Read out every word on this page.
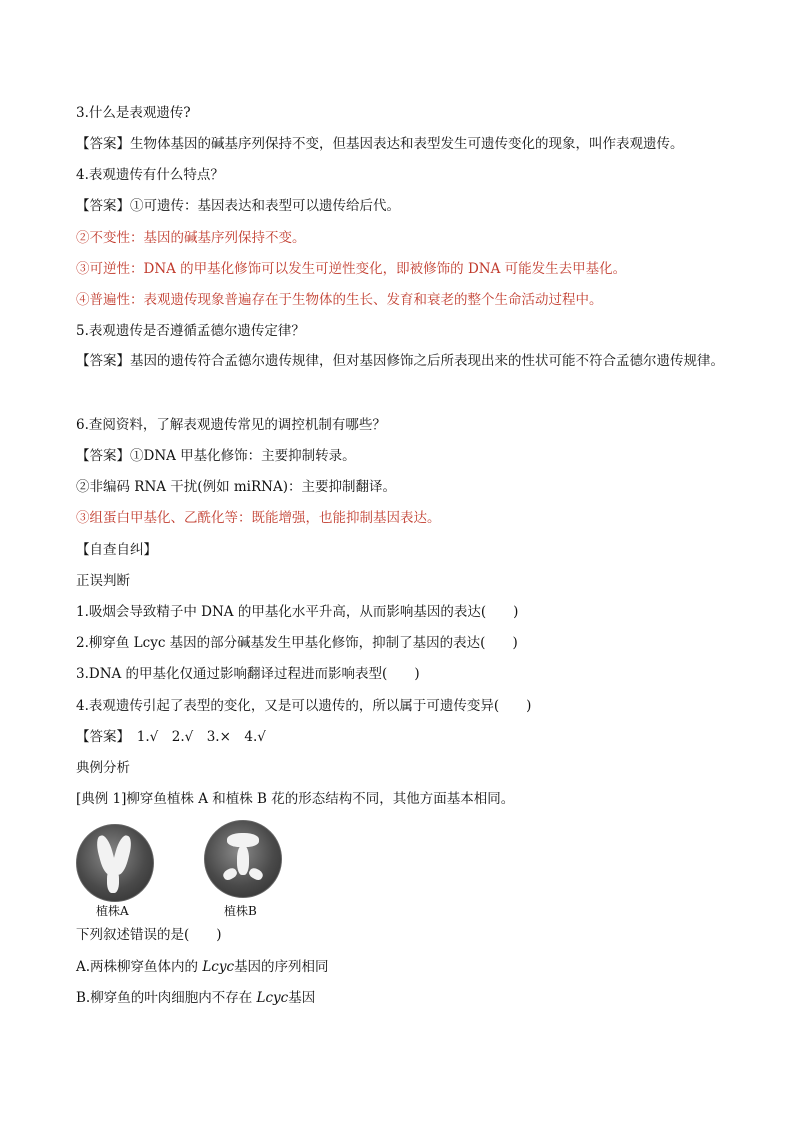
3.什么是表观遗传?
【答案】生物体基因的碱基序列保持不变，但基因表达和表型发生可遗传变化的现象，叫作表观遗传。
4.表观遗传有什么特点？
【答案】①可遗传：基因表达和表型可以遗传给后代。
②不变性：基因的碱基序列保持不变。
③可逆性：DNA 的甲基化修饰可以发生可逆性变化，即被修饰的 DNA 可能发生去甲基化。
④普遍性：表观遗传现象普遍存在于生物体的生长、发育和衰老的整个生命活动过程中。
5.表观遗传是否遵循孟德尔遗传定律？
【答案】基因的遗传符合孟德尔遗传规律，但对基因修饰之后所表现出来的性状可能不符合孟德尔遗传规律。
6.查阅资料，了解表观遗传常见的调控机制有哪些？
【答案】①DNA 甲基化修饰：主要抑制转录。
②非编码 RNA 干扰(例如 miRNA)：主要抑制翻译。
③组蛋白甲基化、乙酰化等：既能增强，也能抑制基因表达。
【自查自纠】
正误判断
1.吸烟会导致精子中 DNA 的甲基化水平升高，从而影响基因的表达(　　)
2.柳穿鱼 Lcyc 基因的部分碱基发生甲基化修饰，抑制了基因的表达(　　)
3.DNA 的甲基化仅通过影响翻译过程进而影响表型(　　)
4.表观遗传引起了表型的变化，又是可以遗传的，所以属于可遗传变异(　　)
【答案】　1.√　2.√　3.×　4.√
典例分析
[典例 1]柳穿鱼植株 A 和植株 B 花的形态结构不同，其他方面基本相同。
植株A	植株B
下列叙述错误的是(　　)
A.两株柳穿鱼体内的 Lcyc基因的序列相同
B.柳穿鱼的叶肉细胞内不存在 Lcyc基因
